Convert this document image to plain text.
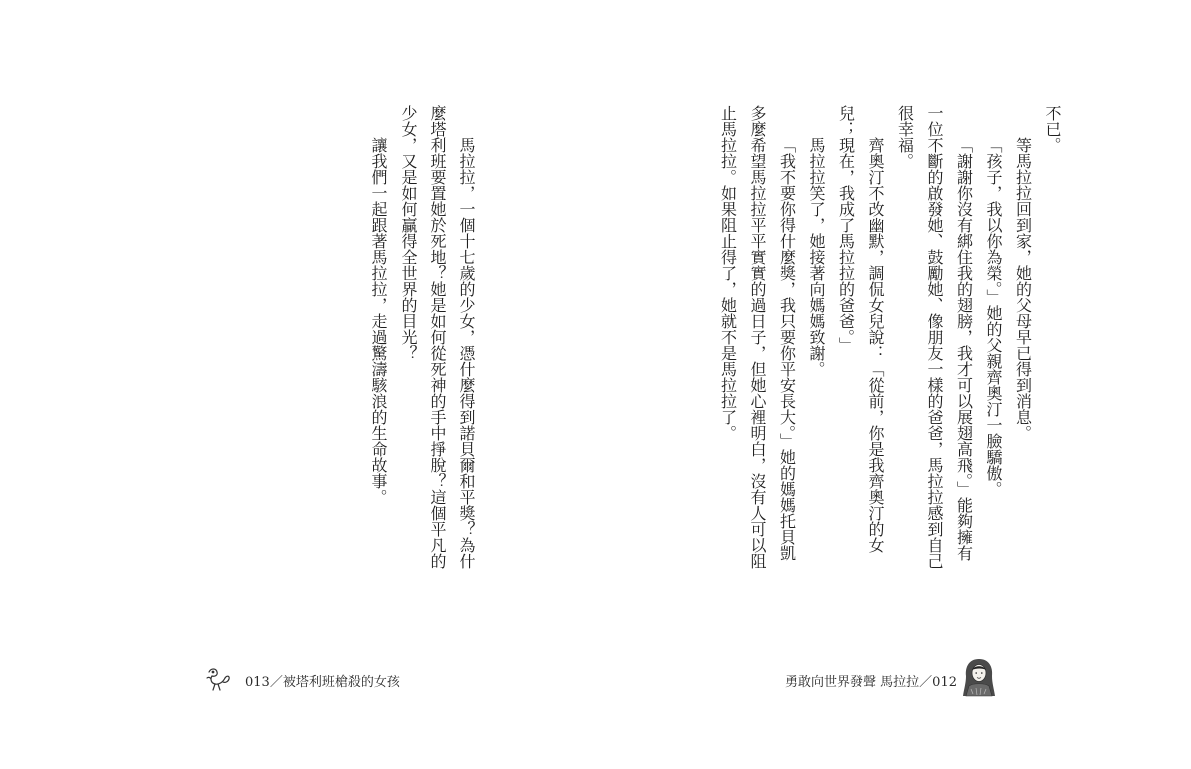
馬拉拉，一個十七歲的少女，憑什麼得到諾貝爾和平獎？為什
麼塔利班要置她於死地？她是如何從死神的手中掙脫？這個平凡的
少女，又是如何贏得全世界的目光？
讓我們一起跟著馬拉拉，走過驚濤駭浪的生命故事。
013／被塔利班槍殺的女孩
不已。
等馬拉拉回到家，她的父母早已得到消息。
「孩子，我以你為榮。」她的父親齊奧汀一臉驕傲。
「謝謝你沒有綁住我的翅膀，我才可以展翅高飛。」能夠擁有
一位不斷的啟發她、鼓勵她、像朋友一樣的爸爸，馬拉拉感到自己
很幸福。
齊奧汀不改幽默，調侃女兒說：「從前，你是我齊奧汀的女
兒；現在，我成了馬拉拉的爸爸。」
馬拉拉笑了，她接著向媽媽致謝。
「我不要你得什麼獎，我只要你平安長大。」她的媽媽托貝凱
多麼希望馬拉拉平平實實的過日子，但她心裡明白，沒有人可以阻
止馬拉拉。如果阻止得了，她就不是馬拉拉了。
勇敢向世界發聲 馬拉拉／012
